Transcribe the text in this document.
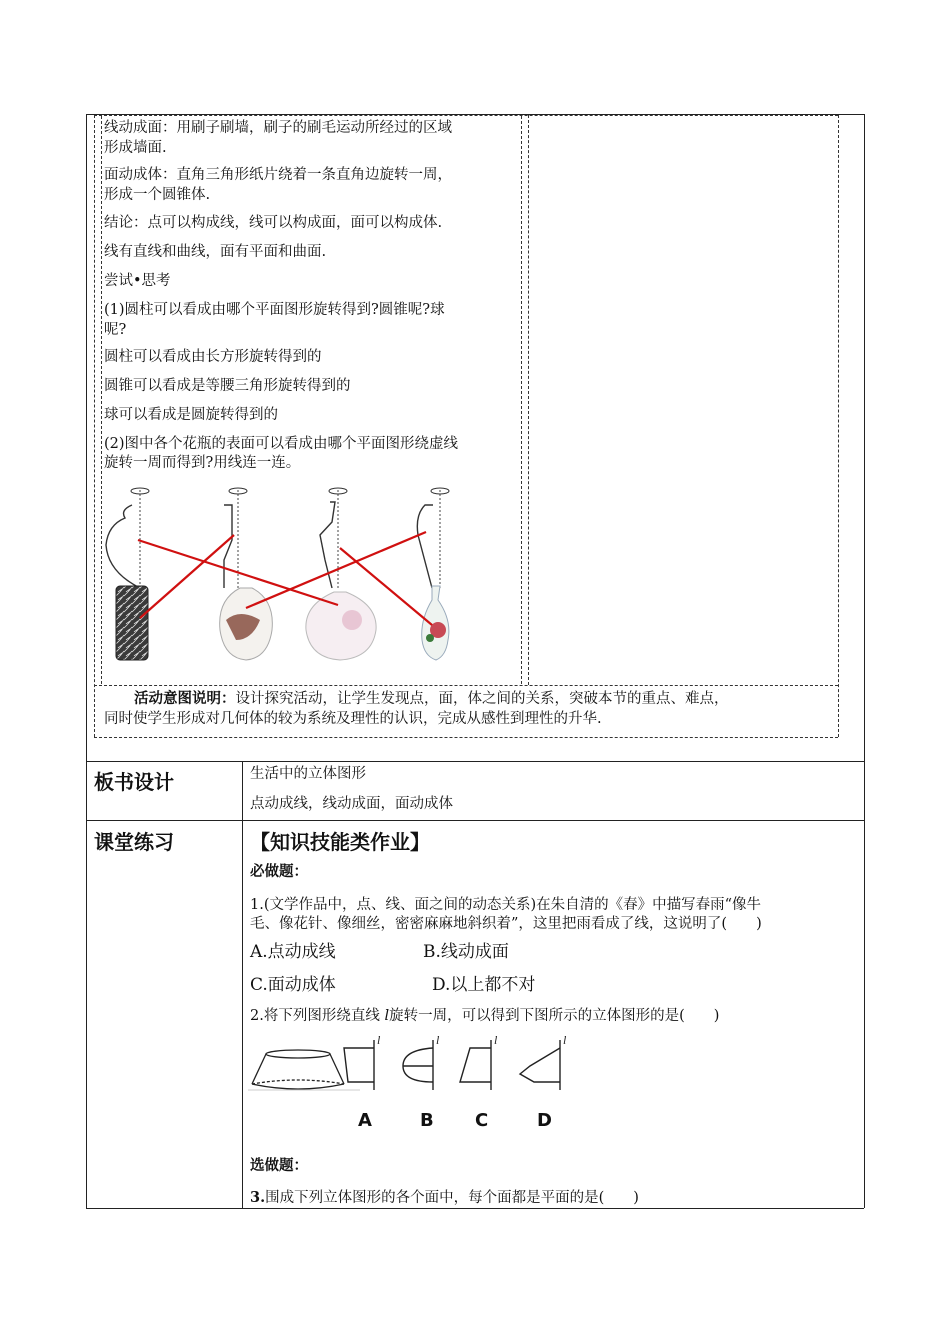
线动成面：用刷子刷墙，刷子的刷毛运动所经过的区域
形成墙面.
面动成体：直角三角形纸片绕着一条直角边旋转一周，
形成一个圆锥体.
结论：点可以构成线，线可以构成面，面可以构成体.
线有直线和曲线，面有平面和曲面.
尝试•思考
(1)圆柱可以看成由哪个平面图形旋转得到?圆锥呢?球
呢?
圆柱可以看成由长方形旋转得到的
圆锥可以看成是等腰三角形旋转得到的
球可以看成是圆旋转得到的
(2)图中各个花瓶的表面可以看成由哪个平面图形绕虚线
旋转一周而得到?用线连一连。
活动意图说明：设计探究活动，让学生发现点，面，体之间的关系，突破本节的重点、难点，
同时使学生形成对几何体的较为系统及理性的认识，完成从感性到理性的升华.
板书设计	生活中的立体图形
点动成线，线动成面，面动成体
课堂练习	【知识技能类作业】
必做题：
1.(文学作品中，点、线、面之间的动态关系)在朱自清的《春》中描写春雨“像牛
毛、像花针、像细丝，密密麻麻地斜织着”，这里把雨看成了线，这说明了(　　)
A.点动成线	B.线动成面
C.面动成体	D.以上都不对
2.将下列图形绕直线 l旋转一周，可以得到下图所示的立体图形的是(　　)
l	l	l	l
A	B C	D
选做题：
3.围成下列立体图形的各个面中，每个面都是平面的是(　　)
